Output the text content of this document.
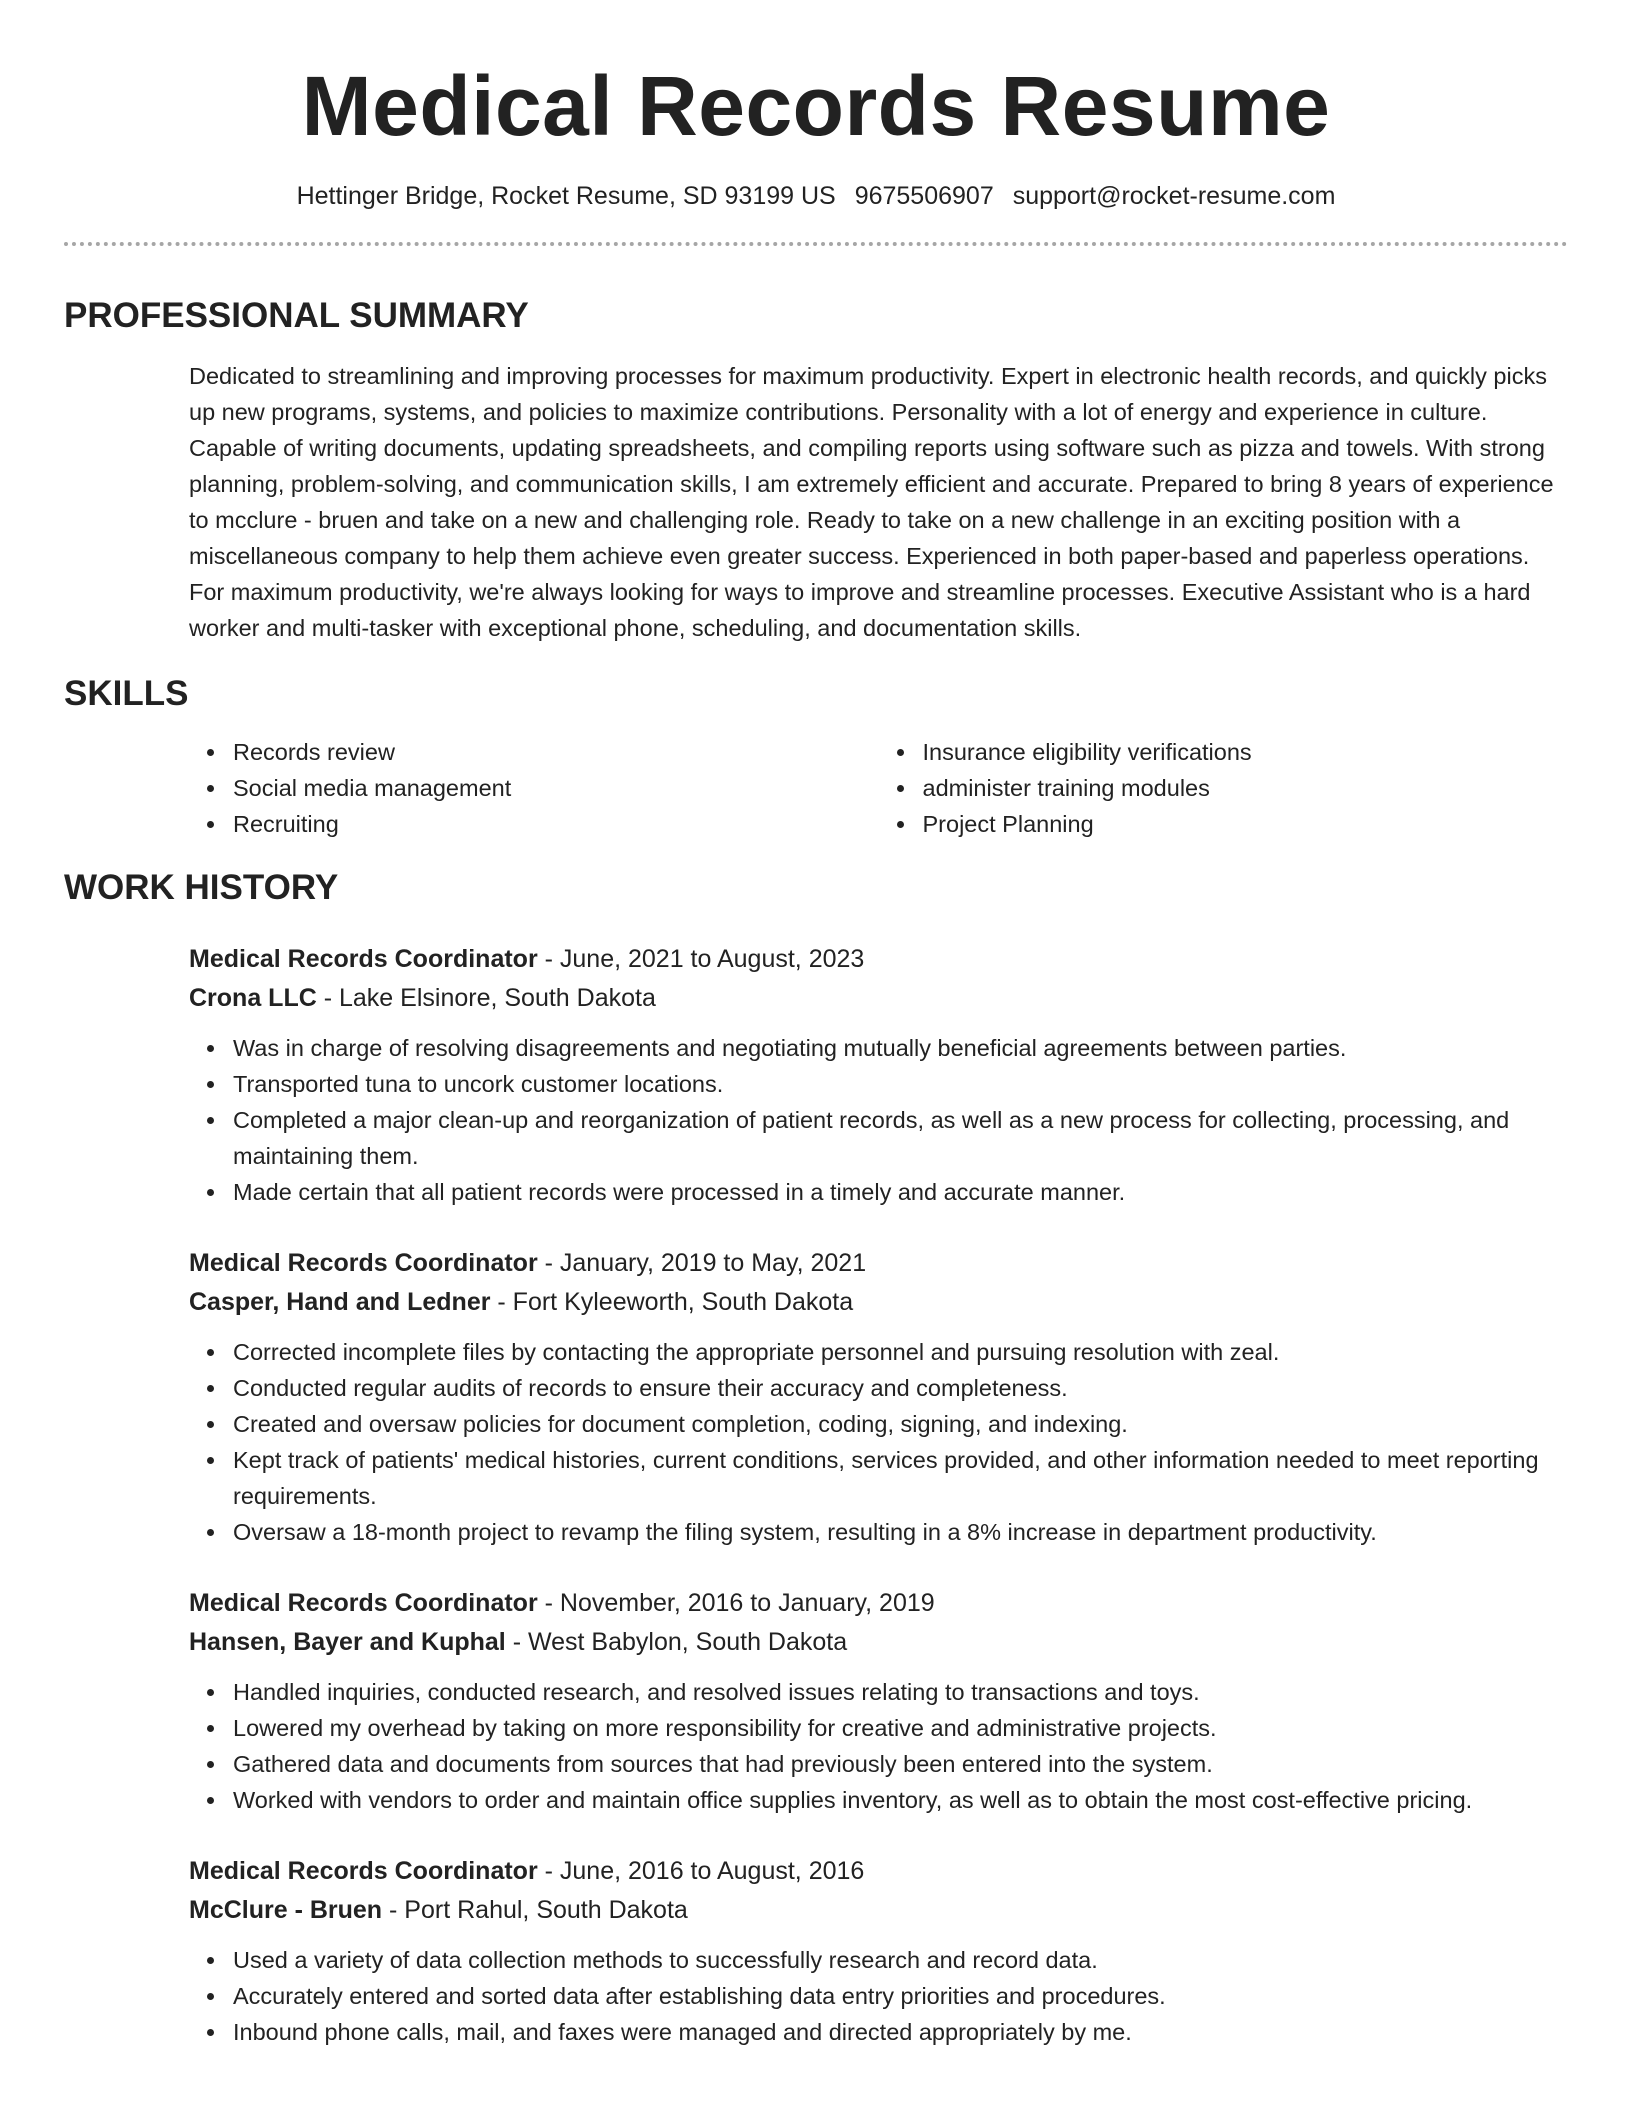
Medical Records Resume
Hettinger Bridge, Rocket Resume, SD 93199 US 9675506907 support@rocket-resume.com
PROFESSIONAL SUMMARY

Dedicated to streamlining and improving processes for maximum productivity. Expert in electronic health records, and quickly picks up new programs, systems, and policies to maximize contributions. Personality with a lot of energy and experience in culture. Capable of writing documents, updating spreadsheets, and compiling reports using software such as pizza and towels. With strong planning, problem-solving, and communication skills, I am extremely efficient and accurate. Prepared to bring 8 years of experience to mcclure - bruen and take on a new and challenging role. Ready to take on a new challenge in an exciting position with a miscellaneous company to help them achieve even greater success. Experienced in both paper-based and paperless operations. For maximum productivity, we're always looking for ways to improve and streamline processes. Executive Assistant who is a hard worker and multi-tasker with exceptional phone, scheduling, and documentation skills.

SKILLS
Records review
Social media management
Recruiting
Insurance eligibility verifications
administer training modules
Project Planning
WORK HISTORY
Medical Records Coordinator - June, 2021 to August, 2023
Crona LLC - Lake Elsinore, South Dakota
Was in charge of resolving disagreements and negotiating mutually beneficial agreements between parties.
Transported tuna to uncork customer locations.
Completed a major clean-up and reorganization of patient records, as well as a new process for collecting, processing, and maintaining them.
Made certain that all patient records were processed in a timely and accurate manner.
Medical Records Coordinator - January, 2019 to May, 2021
Casper, Hand and Ledner - Fort Kyleeworth, South Dakota
Corrected incomplete files by contacting the appropriate personnel and pursuing resolution with zeal.
Conducted regular audits of records to ensure their accuracy and completeness.
Created and oversaw policies for document completion, coding, signing, and indexing.
Kept track of patients' medical histories, current conditions, services provided, and other information needed to meet reporting requirements.
Oversaw a 18-month project to revamp the filing system, resulting in a 8% increase in department productivity.
Medical Records Coordinator - November, 2016 to January, 2019
Hansen, Bayer and Kuphal - West Babylon, South Dakota
Handled inquiries, conducted research, and resolved issues relating to transactions and toys.
Lowered my overhead by taking on more responsibility for creative and administrative projects.
Gathered data and documents from sources that had previously been entered into the system.
Worked with vendors to order and maintain office supplies inventory, as well as to obtain the most cost-effective pricing.
Medical Records Coordinator - June, 2016 to August, 2016
McClure - Bruen - Port Rahul, South Dakota
Used a variety of data collection methods to successfully research and record data.
Accurately entered and sorted data after establishing data entry priorities and procedures.
Inbound phone calls, mail, and faxes were managed and directed appropriately by me.
